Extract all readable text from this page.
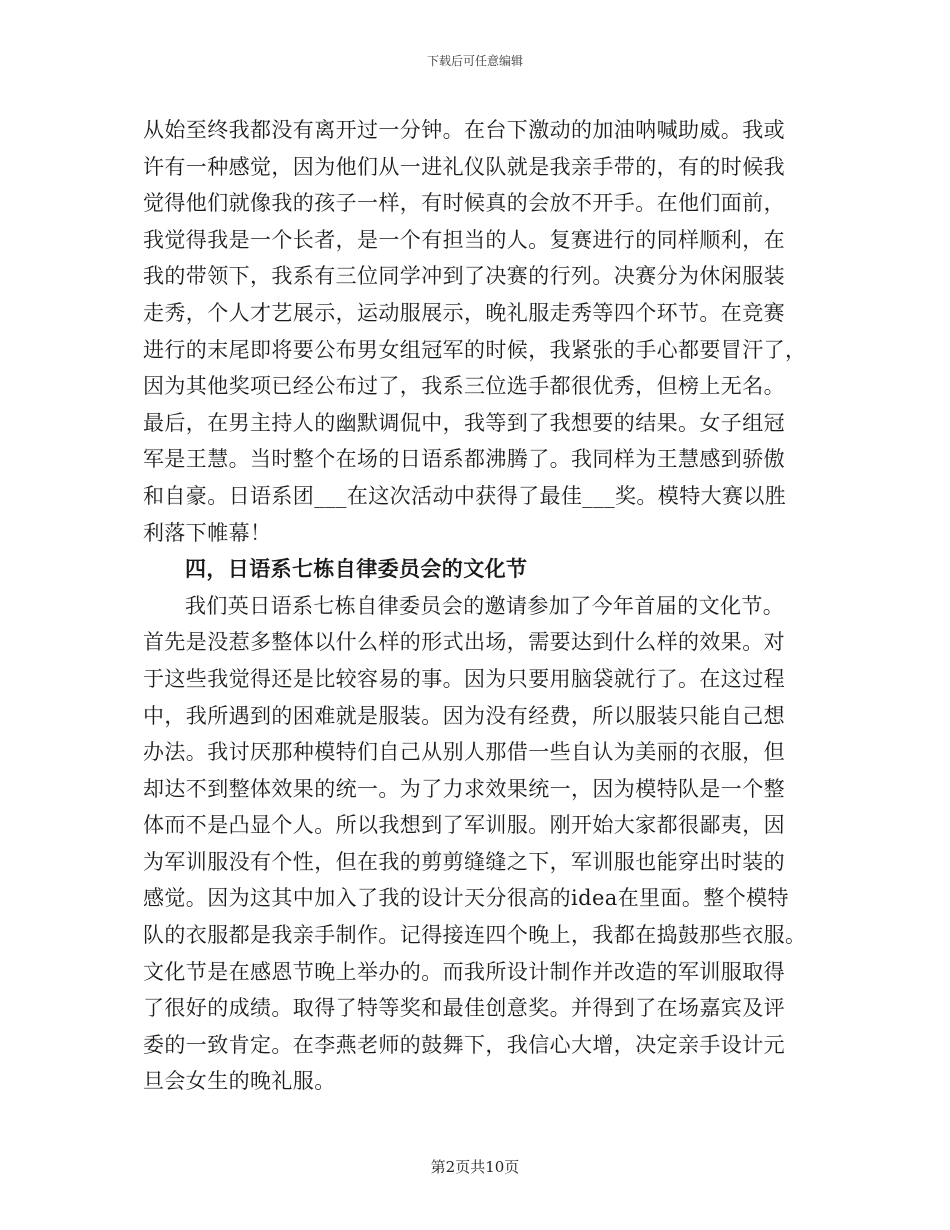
下载后可任意编辑
从始至终我都没有离开过一分钟。在台下激动的加油呐喊助威。我或
许有一种感觉，因为他们从一进礼仪队就是我亲手带的，有的时候我
觉得他们就像我的孩子一样，有时候真的会放不开手。在他们面前，
我觉得我是一个长者，是一个有担当的人。复赛进行的同样顺利，在
我的带领下，我系有三位同学冲到了决赛的行列。决赛分为休闲服装
走秀，个人才艺展示，运动服展示，晚礼服走秀等四个环节。在竞赛
进行的末尾即将要公布男女组冠军的时候，我紧张的手心都要冒汗了，
因为其他奖项已经公布过了，我系三位选手都很优秀，但榜上无名。
最后，在男主持人的幽默调侃中，我等到了我想要的结果。女子组冠
军是王慧。当时整个在场的日语系都沸腾了。我同样为王慧感到骄傲
和自豪。日语系团___在这次活动中获得了最佳___奖。模特大赛以胜
利落下帷幕！
四，日语系七栋自律委员会的文化节
我们英日语系七栋自律委员会的邀请参加了今年首届的文化节。
首先是没惹多整体以什么样的形式出场，需要达到什么样的效果。对
于这些我觉得还是比较容易的事。因为只要用脑袋就行了。在这过程
中，我所遇到的困难就是服装。因为没有经费，所以服装只能自己想
办法。我讨厌那种模特们自己从别人那借一些自认为美丽的衣服，但
却达不到整体效果的统一。为了力求效果统一，因为模特队是一个整
体而不是凸显个人。所以我想到了军训服。刚开始大家都很鄙夷，因
为军训服没有个性，但在我的剪剪缝缝之下，军训服也能穿出时装的
感觉。因为这其中加入了我的设计天分很高的idea在里面。整个模特
队的衣服都是我亲手制作。记得接连四个晚上，我都在捣鼓那些衣服。
文化节是在感恩节晚上举办的。而我所设计制作并改造的军训服取得
了很好的成绩。取得了特等奖和最佳创意奖。并得到了在场嘉宾及评
委的一致肯定。在李燕老师的鼓舞下，我信心大增，决定亲手设计元
旦会女生的晚礼服。
第2页共10页
